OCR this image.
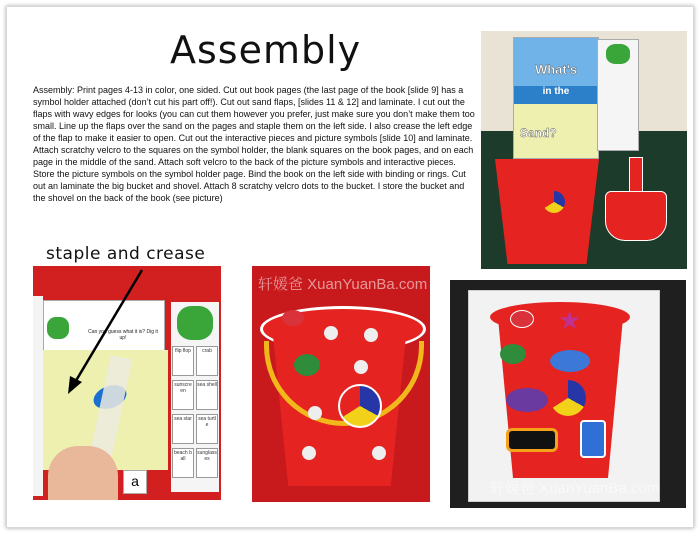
Assembly
Assembly: Print pages 4-13 in color, one sided. Cut out book pages (the last page of the book [slide 9] has a symbol holder attached (don’t cut his part off!). Cut out sand flaps, [slides 11 & 12] and laminate. I cut out the flaps with wavy edges for looks (you can cut them however you prefer, just make sure you don’t make them too small. Line up the flaps over the sand on the pages and staple them on the left side. I also crease the left edge of the flap to make it easier to open. Cut out the interactive pieces and picture symbols [slide 10] and laminate. Attach scratchy velcro to the squares on the symbol holder, the blank squares on the book pages, and on each page in the middle of the sand. Attach soft velcro to the back of the picture symbols and interactive pieces. Store the picture symbols on the symbol holder page. Bind the book on the left side with binding or rings. Cut out an laminate the big bucket and shovel. Attach 8 scratchy velcro dots to the bucket. I store the bucket and the shovel on the back of the book (see picture)
staple and crease
Can you guess what it is? Dig it up!
a
flip flop	crab
sunscreen
sea shell
sea star	sea turtle
beach ball
sunglasses
轩媛爸 XuanYuanBa.com
★
轩媛爸 XuanYuanBa.com
What's
in the
Sand?
